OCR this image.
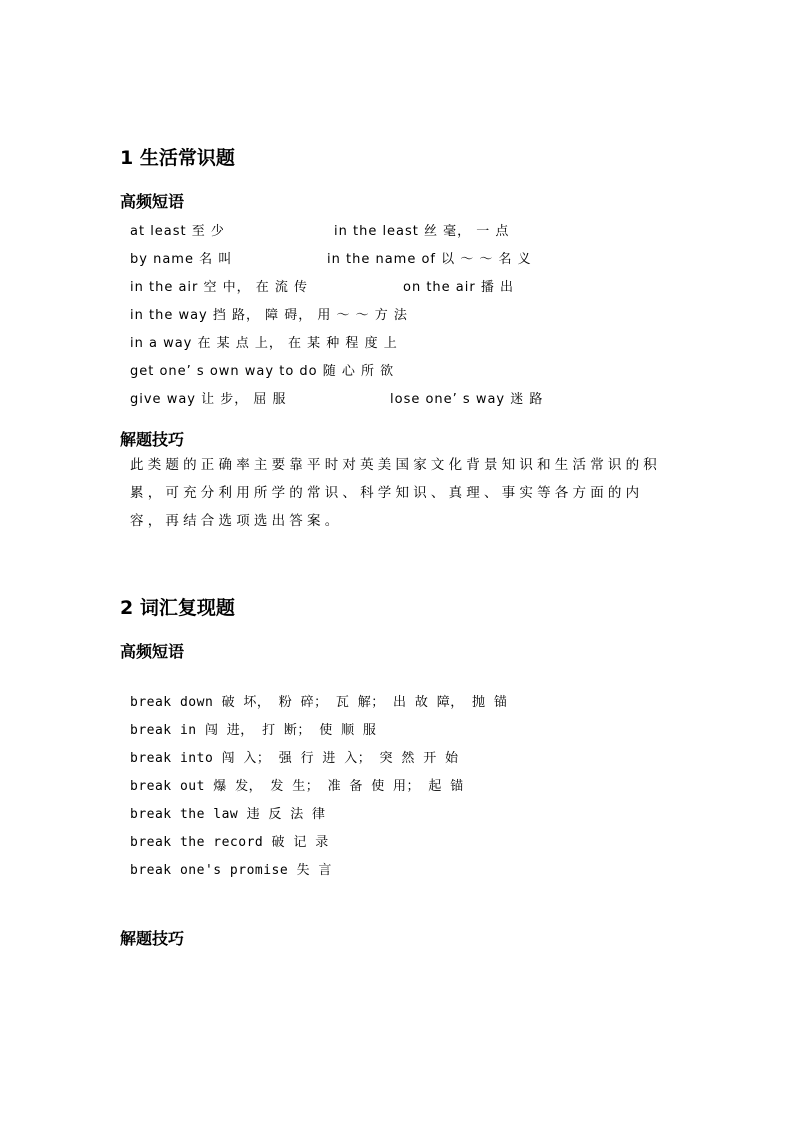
1 生活常识题
高频短语
at least 至 少	in the least 丝 毫， 一 点
by name 名 叫	in the name of 以 ～ ～ 名 义
in the air 空 中， 在 流 传	on the air 播 出
in the way 挡 路， 障 碍， 用 ～ ～ 方 法
in a way 在 某 点 上， 在 某 种 程 度 上
get one’ s own way to do 随 心 所 欲
give way 让 步， 屈 服	lose one’ s way 迷 路
解题技巧
此类题的正确率主要靠平时对英美国家文化背景知识和生活常识的积累，可充分利用所学的常识、科学知识、真理、事实等各方面的内容，再结合选项选出答案。
2 词汇复现题
高频短语
break down 破 坏， 粉 碎； 瓦 解； 出 故 障， 抛 锚
break in 闯 进， 打 断； 使 顺 服
break into 闯 入； 强 行 进 入； 突 然 开 始
break out 爆 发， 发 生； 准 备 使 用； 起 锚
break the law 违 反 法 律
break the record 破 记 录
break one's promise 失 言
解题技巧
